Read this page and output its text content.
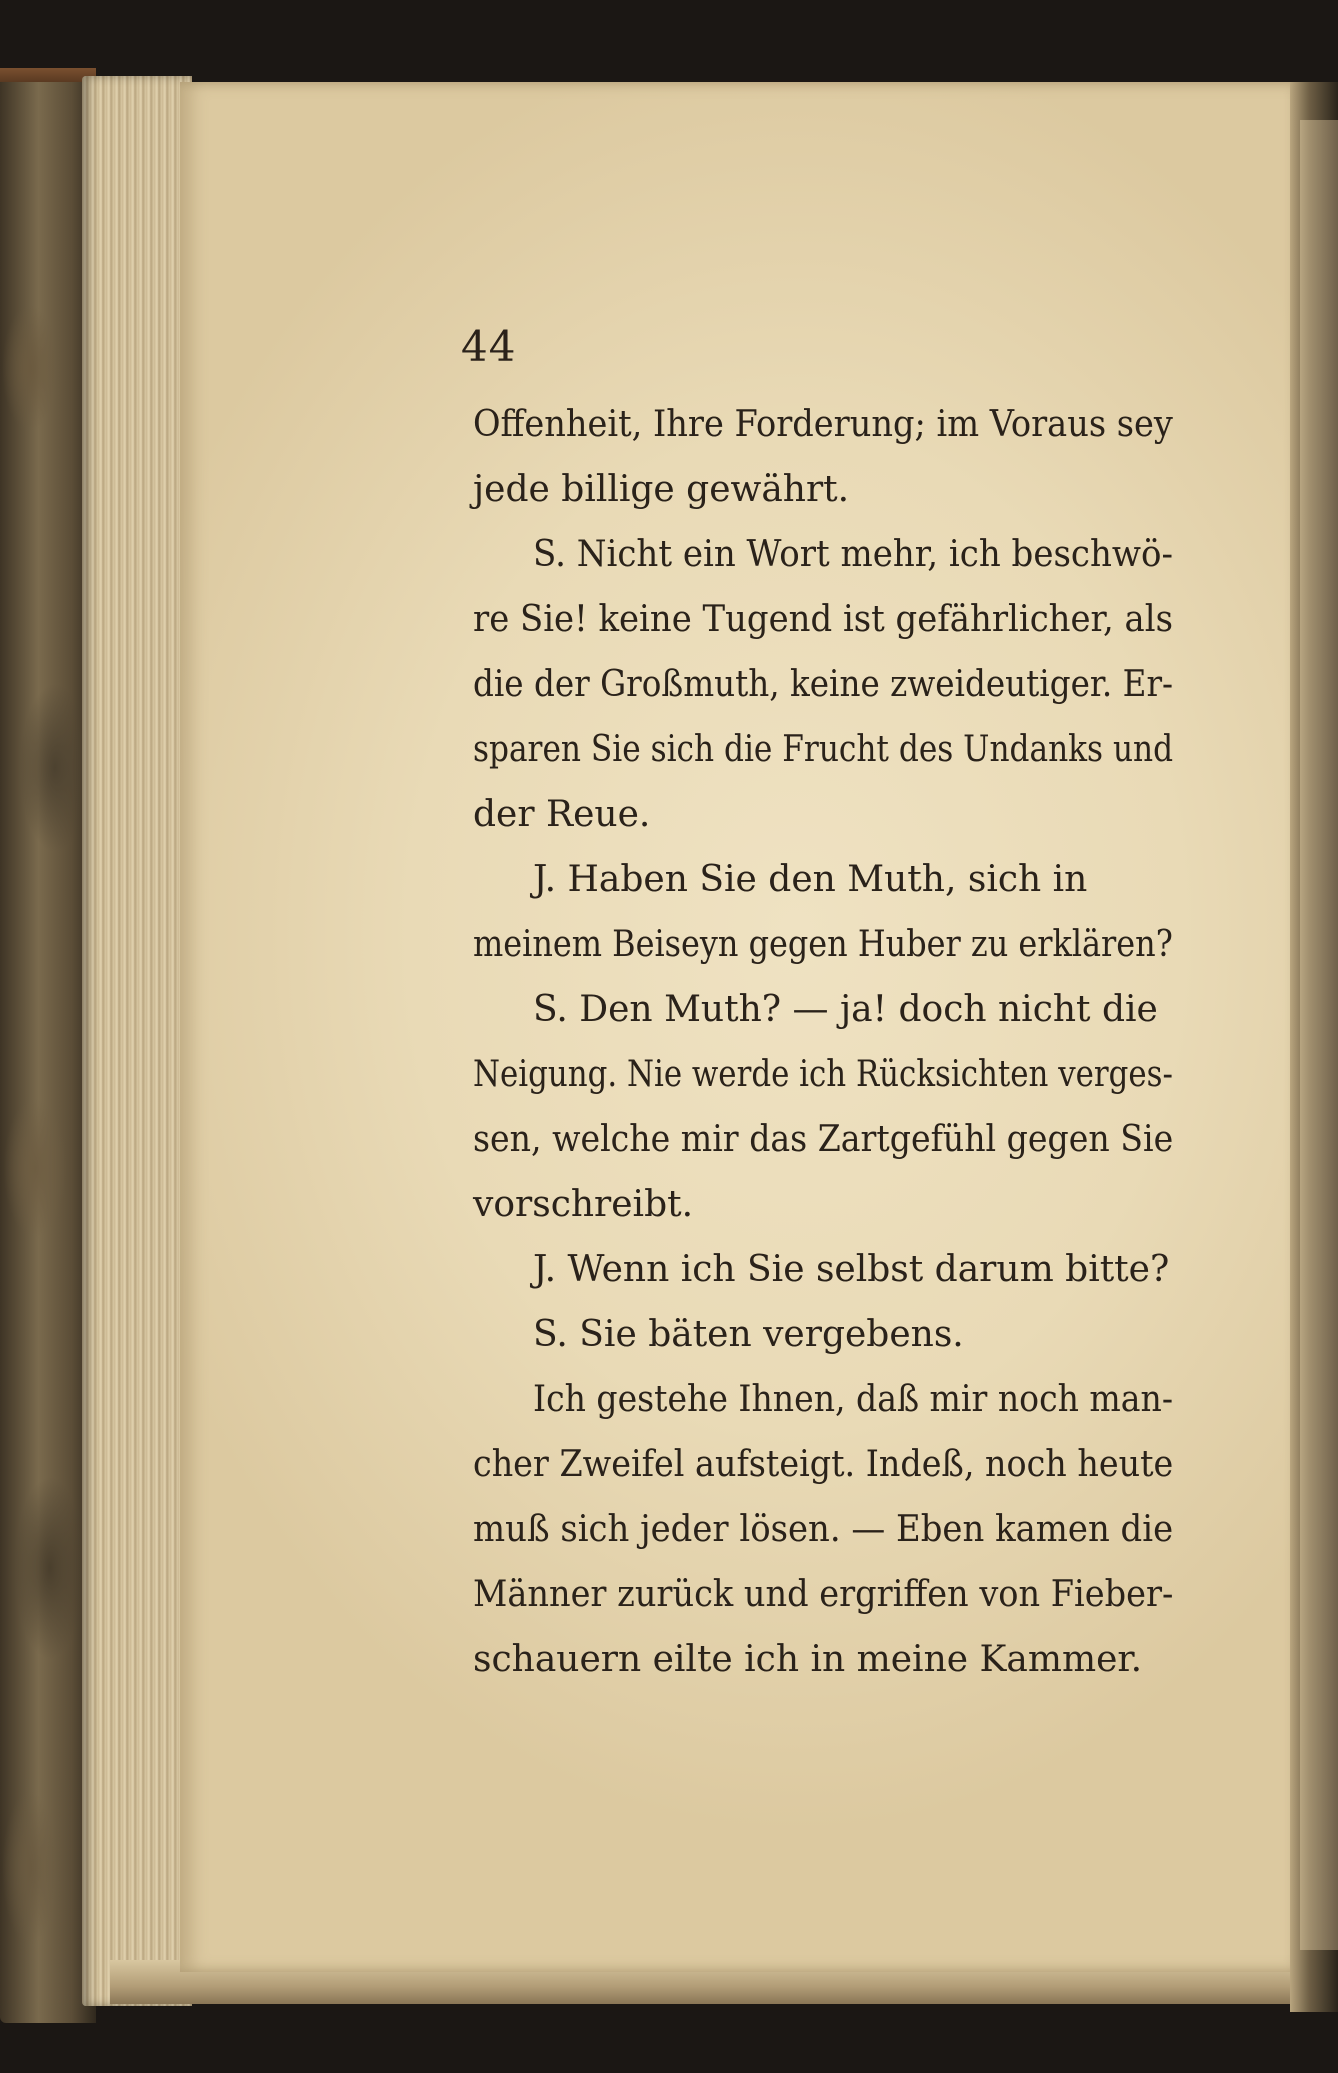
44
Offenheit, Ihre Forderung; im Voraus sey
jede billige gewährt.
S. Nicht ein Wort mehr, ich beschwö-
re Sie! keine Tugend ist gefährlicher, als
die der Großmuth, keine zweideutiger. Er-
sparen Sie sich die Frucht des Undanks und
der Reue.
J. Haben Sie den Muth, sich in
meinem Beiseyn gegen Huber zu erklären?
S. Den Muth? — ja! doch nicht die
Neigung. Nie werde ich Rücksichten verges-
sen, welche mir das Zartgefühl gegen Sie
vorschreibt.
J. Wenn ich Sie selbst darum bitte?
S. Sie bäten vergebens.
Ich gestehe Ihnen, daß mir noch man-
cher Zweifel aufsteigt. Indeß, noch heute
muß sich jeder lösen. — Eben kamen die
Männer zurück und ergriffen von Fieber-
schauern eilte ich in meine Kammer.
